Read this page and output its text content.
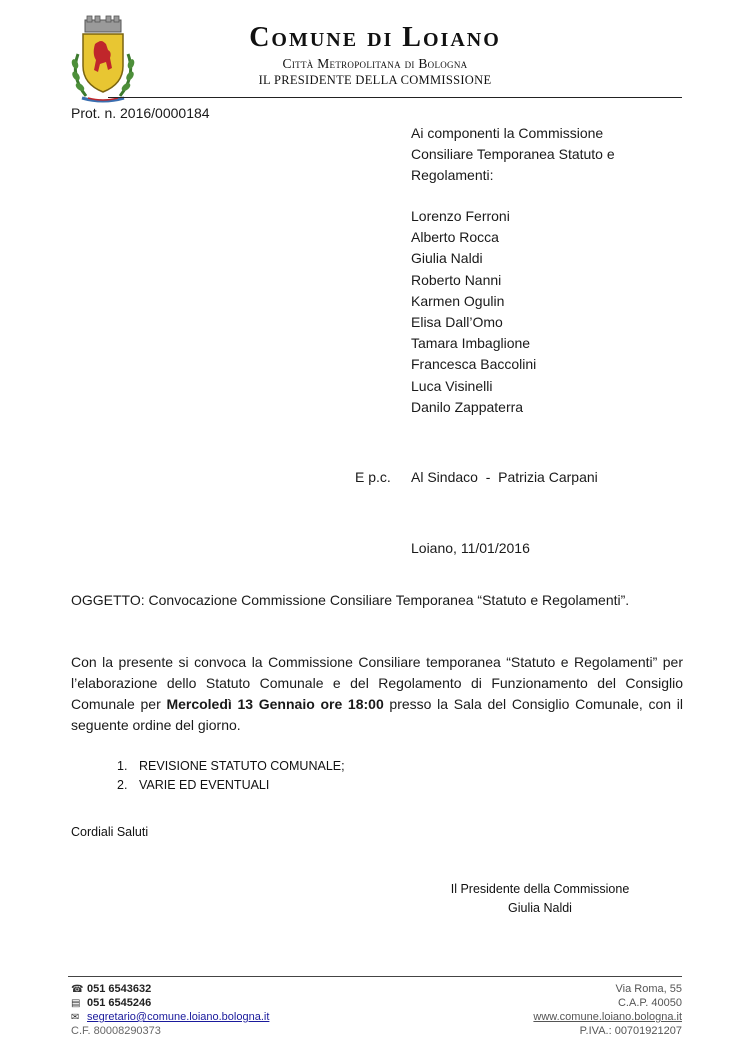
Comune di Loiano
Città Metropolitana di Bologna
IL PRESIDENTE DELLA COMMISSIONE
Prot. n. 2016/0000184
Ai componenti la Commissione
Consiliare Temporanea Statuto e
Regolamenti:
Lorenzo Ferroni
Alberto Rocca
Giulia Naldi
Roberto Nanni
Karmen Ogulin
Elisa Dall’Omo
Tamara Imbaglione
Francesca Baccolini
Luca Visinelli
Danilo Zappaterra
E p.c. Al Sindaco  -  Patrizia Carpani
Loiano, 11/01/2016
OGGETTO: Convocazione Commissione Consiliare Temporanea “Statuto e Regolamenti”.
Con la presente si convoca la Commissione Consiliare temporanea “Statuto e Regolamenti” per l’elaborazione dello Statuto Comunale e del Regolamento di Funzionamento del Consiglio Comunale per Mercoledì 13 Gennaio ore 18:00 presso la Sala del Consiglio Comunale, con il seguente ordine del giorno.
1. REVISIONE STATUTO COMUNALE;
2. VARIE ED EVENTUALI
Cordiali Saluti
Il Presidente della Commissione
Giulia Naldi
☎ 051 6543632
▤ 051 6545246
✉ segretario@comune.loiano.bologna.it
C.F. 80008290373
Via Roma, 55
C.A.P. 40050
www.comune.loiano.bologna.it
P.IVA.: 00701921207
